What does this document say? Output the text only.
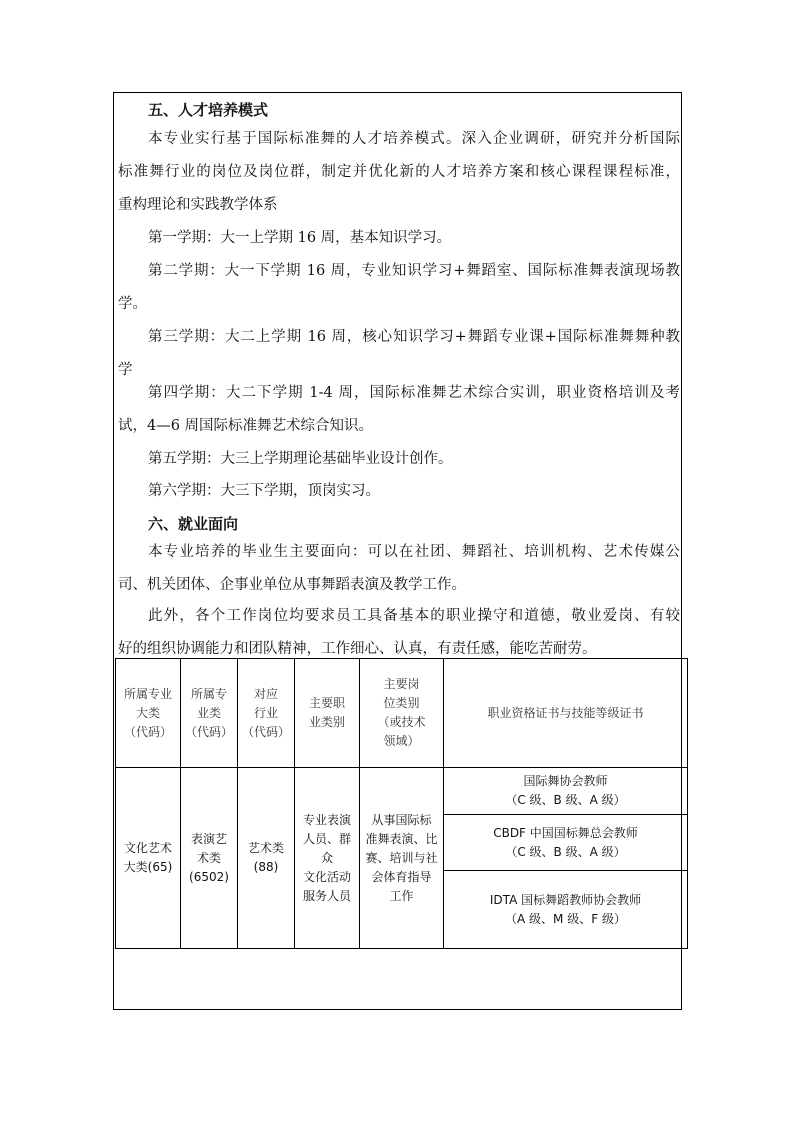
五、人才培养模式
本专业实行基于国际标准舞的人才培养模式。深入企业调研，研究并分析国际
标准舞行业的岗位及岗位群，制定并优化新的人才培养方案和核心课程课程标准，
重构理论和实践教学体系
第一学期：大一上学期 16 周，基本知识学习。
第二学期：大一下学期 16 周，专业知识学习+舞蹈室、国际标准舞表演现场教
学。
第三学期：大二上学期 16 周，核心知识学习+舞蹈专业课+国际标准舞舞种教
学
第四学期：大二下学期 1-4 周，国际标准舞艺术综合实训，职业资格培训及考
试，4—6 周国际标准舞艺术综合知识。
第五学期：大三上学期理论基础毕业设计创作。
第六学期：大三下学期，顶岗实习。
六、就业面向
本专业培养的毕业生主要面向：可以在社团、舞蹈社、培训机构、艺术传媒公
司、机关团体、企事业单位从事舞蹈表演及教学工作。
此外，各个工作岗位均要求员工具备基本的职业操守和道德，敬业爱岗、有较
好的组织协调能力和团队精神，工作细心、认真，有责任感，能吃苦耐劳。
所属专业
大类
（代码）	所属专
业类
（代码）	对应
行业
（代码）	主要职
业类别	主要岗
位类别
（或技术
领域）	职业资格证书与技能等级证书

文化艺术
大类(65)	表演艺
术类
(6502)	艺术类
(88)	专业表演
人员、群众
文化活动
服务人员	从事国际标
准舞表演、比
赛、培训与社
会体育指导
工作	国际舞协会教师
（C 级、B 级、A 级）

					CBDF 中国国标舞总会教师
（C 级、B 级、A 级）

					IDTA 国标舞蹈教师协会教师
（A 级、M 级、F 级）
